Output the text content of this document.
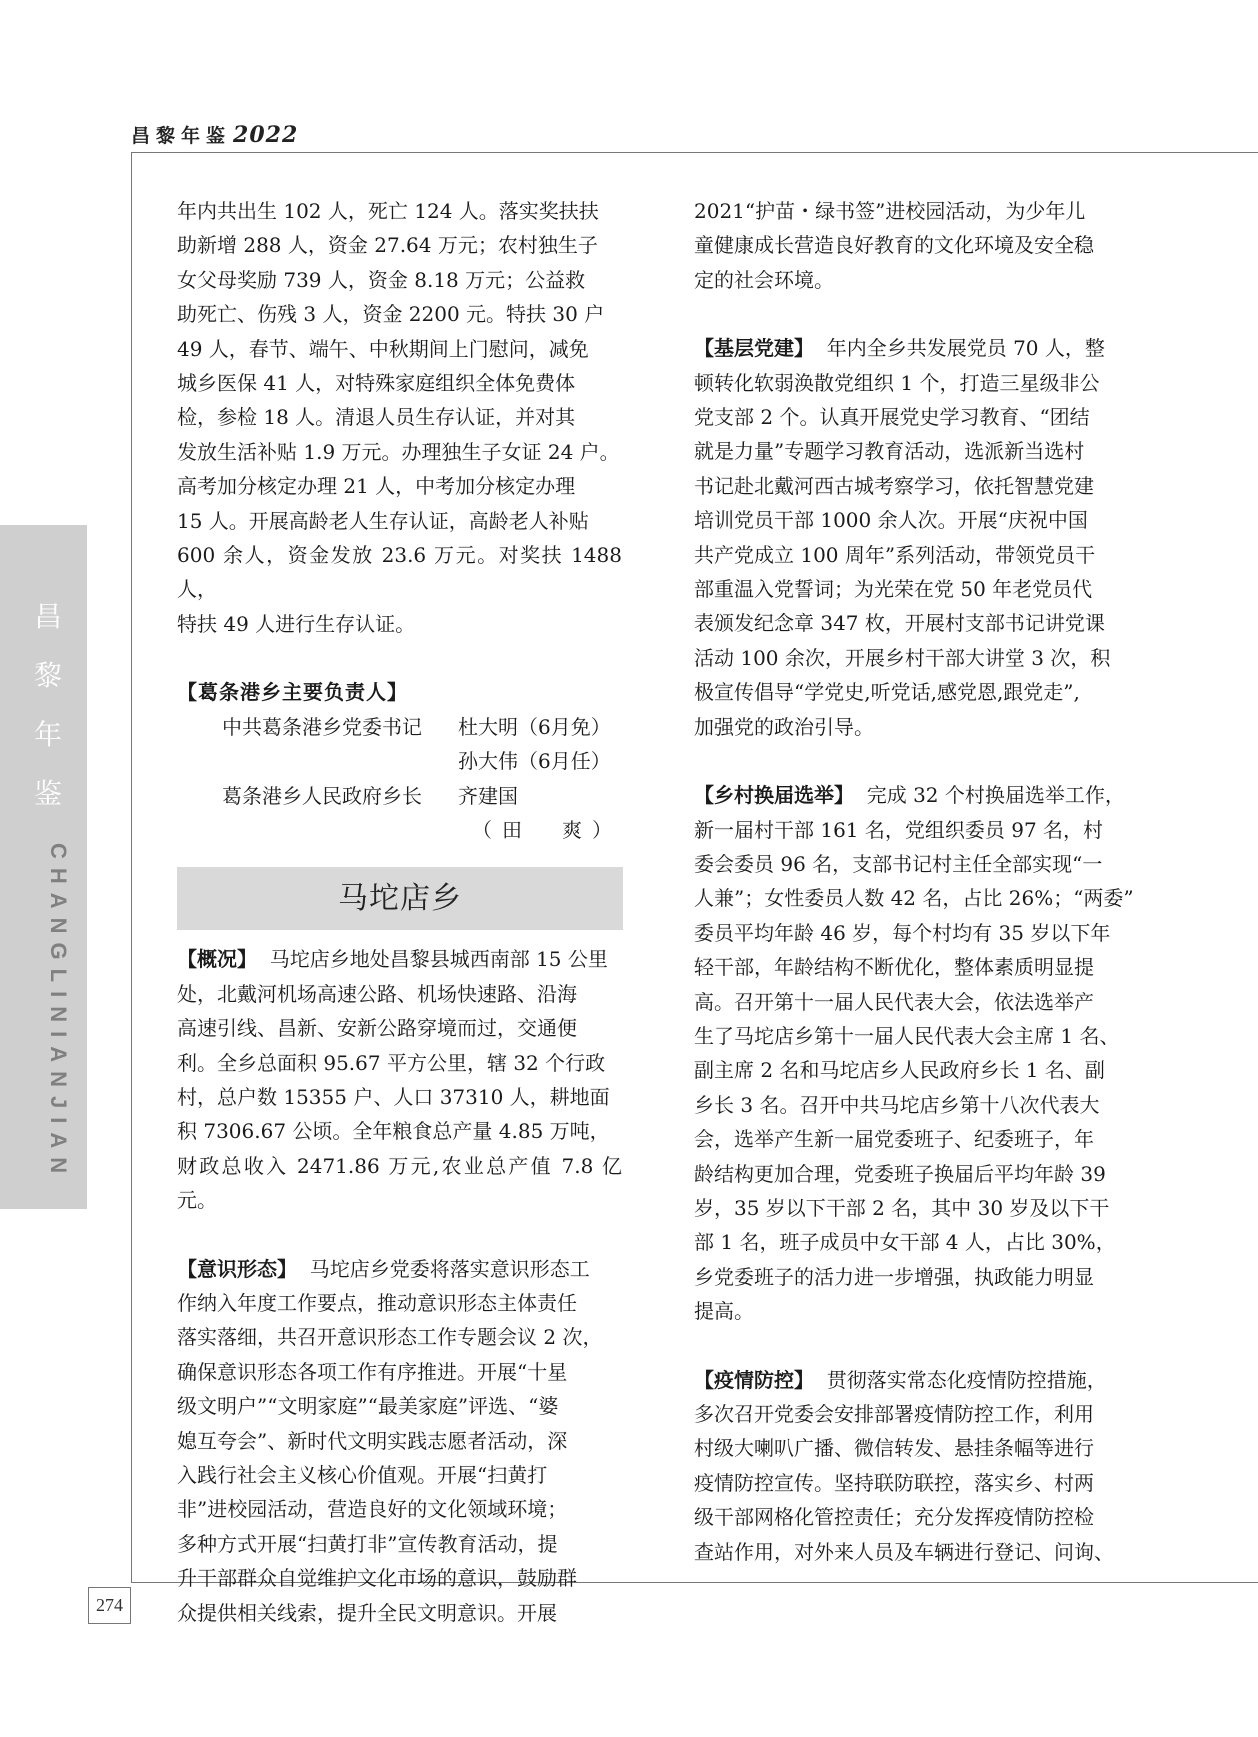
昌黎年鉴2022
昌
黎
年
鉴
CHANGLINIANJIAN
274

年内共出生 102 人，死亡 124 人。落实奖扶扶

助新增 288 人，资金 27.64 万元；农村独生子

女父母奖励 739 人，资金 8.18 万元；公益救

助死亡、伤残 3 人，资金 2200 元。特扶 30 户

49 人，春节、端午、中秋期间上门慰问，减免

城乡医保 41 人，对特殊家庭组织全体免费体

检，参检 18 人。清退人员生存认证，并对其

发放生活补贴 1.9 万元。办理独生子女证 24 户。

高考加分核定办理 21 人，中考加分核定办理

15 人。开展高龄老人生存认证，高龄老人补贴

600 余人，资金发放 23.6 万元。对奖扶 1488 人，

特扶 49 人进行生存认证。

【葛条港乡主要负责人】

中共葛条港乡党委书记	杜大明（6月免）
孙大伟（6月任）
葛条港乡人民政府乡长	齐建国

（田　爽）

马坨店乡

【概况】 马坨店乡地处昌黎县城西南部 15 公里

处，北戴河机场高速公路、机场快速路、沿海

高速引线、昌新、安新公路穿境而过，交通便

利。全乡总面积 95.67 平方公里，辖 32 个行政

村，总户数 15355 户、人口 37310 人，耕地面

积 7306.67 公顷。全年粮食总产量 4.85 万吨，

财政总收入 2471.86 万元,农业总产值 7.8 亿元。

【意识形态】 马坨店乡党委将落实意识形态工

作纳入年度工作要点，推动意识形态主体责任

落实落细，共召开意识形态工作专题会议 2 次，

确保意识形态各项工作有序推进。开展“十星

级文明户”“文明家庭”“最美家庭”评选、“婆

媳互夸会”、新时代文明实践志愿者活动，深

入践行社会主义核心价值观。开展“扫黄打

非”进校园活动，营造良好的文化领域环境；

多种方式开展“扫黄打非”宣传教育活动，提

升干部群众自觉维护文化市场的意识，鼓励群

众提供相关线索，提升全民文明意识。开展

2021“护苗・绿书签”进校园活动，为少年儿

童健康成长营造良好教育的文化环境及安全稳

定的社会环境。

【基层党建】 年内全乡共发展党员 70 人，整

顿转化软弱涣散党组织 1 个，打造三星级非公

党支部 2 个。认真开展党史学习教育、“团结

就是力量”专题学习教育活动，选派新当选村

书记赴北戴河西古城考察学习，依托智慧党建

培训党员干部 1000 余人次。开展“庆祝中国

共产党成立 100 周年”系列活动，带领党员干

部重温入党誓词；为光荣在党 50 年老党员代

表颁发纪念章 347 枚，开展村支部书记讲党课

活动 100 余次，开展乡村干部大讲堂 3 次，积

极宣传倡导“学党史,听党话,感党恩,跟党走”,

加强党的政治引导。

【乡村换届选举】 完成 32 个村换届选举工作，

新一届村干部 161 名，党组织委员 97 名，村

委会委员 96 名，支部书记村主任全部实现“一

人兼”；女性委员人数 42 名，占比 26%；“两委”

委员平均年龄 46 岁，每个村均有 35 岁以下年

轻干部，年龄结构不断优化，整体素质明显提

高。召开第十一届人民代表大会，依法选举产

生了马坨店乡第十一届人民代表大会主席 1 名、

副主席 2 名和马坨店乡人民政府乡长 1 名、副

乡长 3 名。召开中共马坨店乡第十八次代表大

会，选举产生新一届党委班子、纪委班子，年

龄结构更加合理，党委班子换届后平均年龄 39

岁，35 岁以下干部 2 名，其中 30 岁及以下干

部 1 名，班子成员中女干部 4 人，占比 30%，

乡党委班子的活力进一步增强，执政能力明显

提高。

【疫情防控】 贯彻落实常态化疫情防控措施，

多次召开党委会安排部署疫情防控工作，利用

村级大喇叭广播、微信转发、悬挂条幅等进行

疫情防控宣传。坚持联防联控，落实乡、村两

级干部网格化管控责任；充分发挥疫情防控检

查站作用，对外来人员及车辆进行登记、问询、
